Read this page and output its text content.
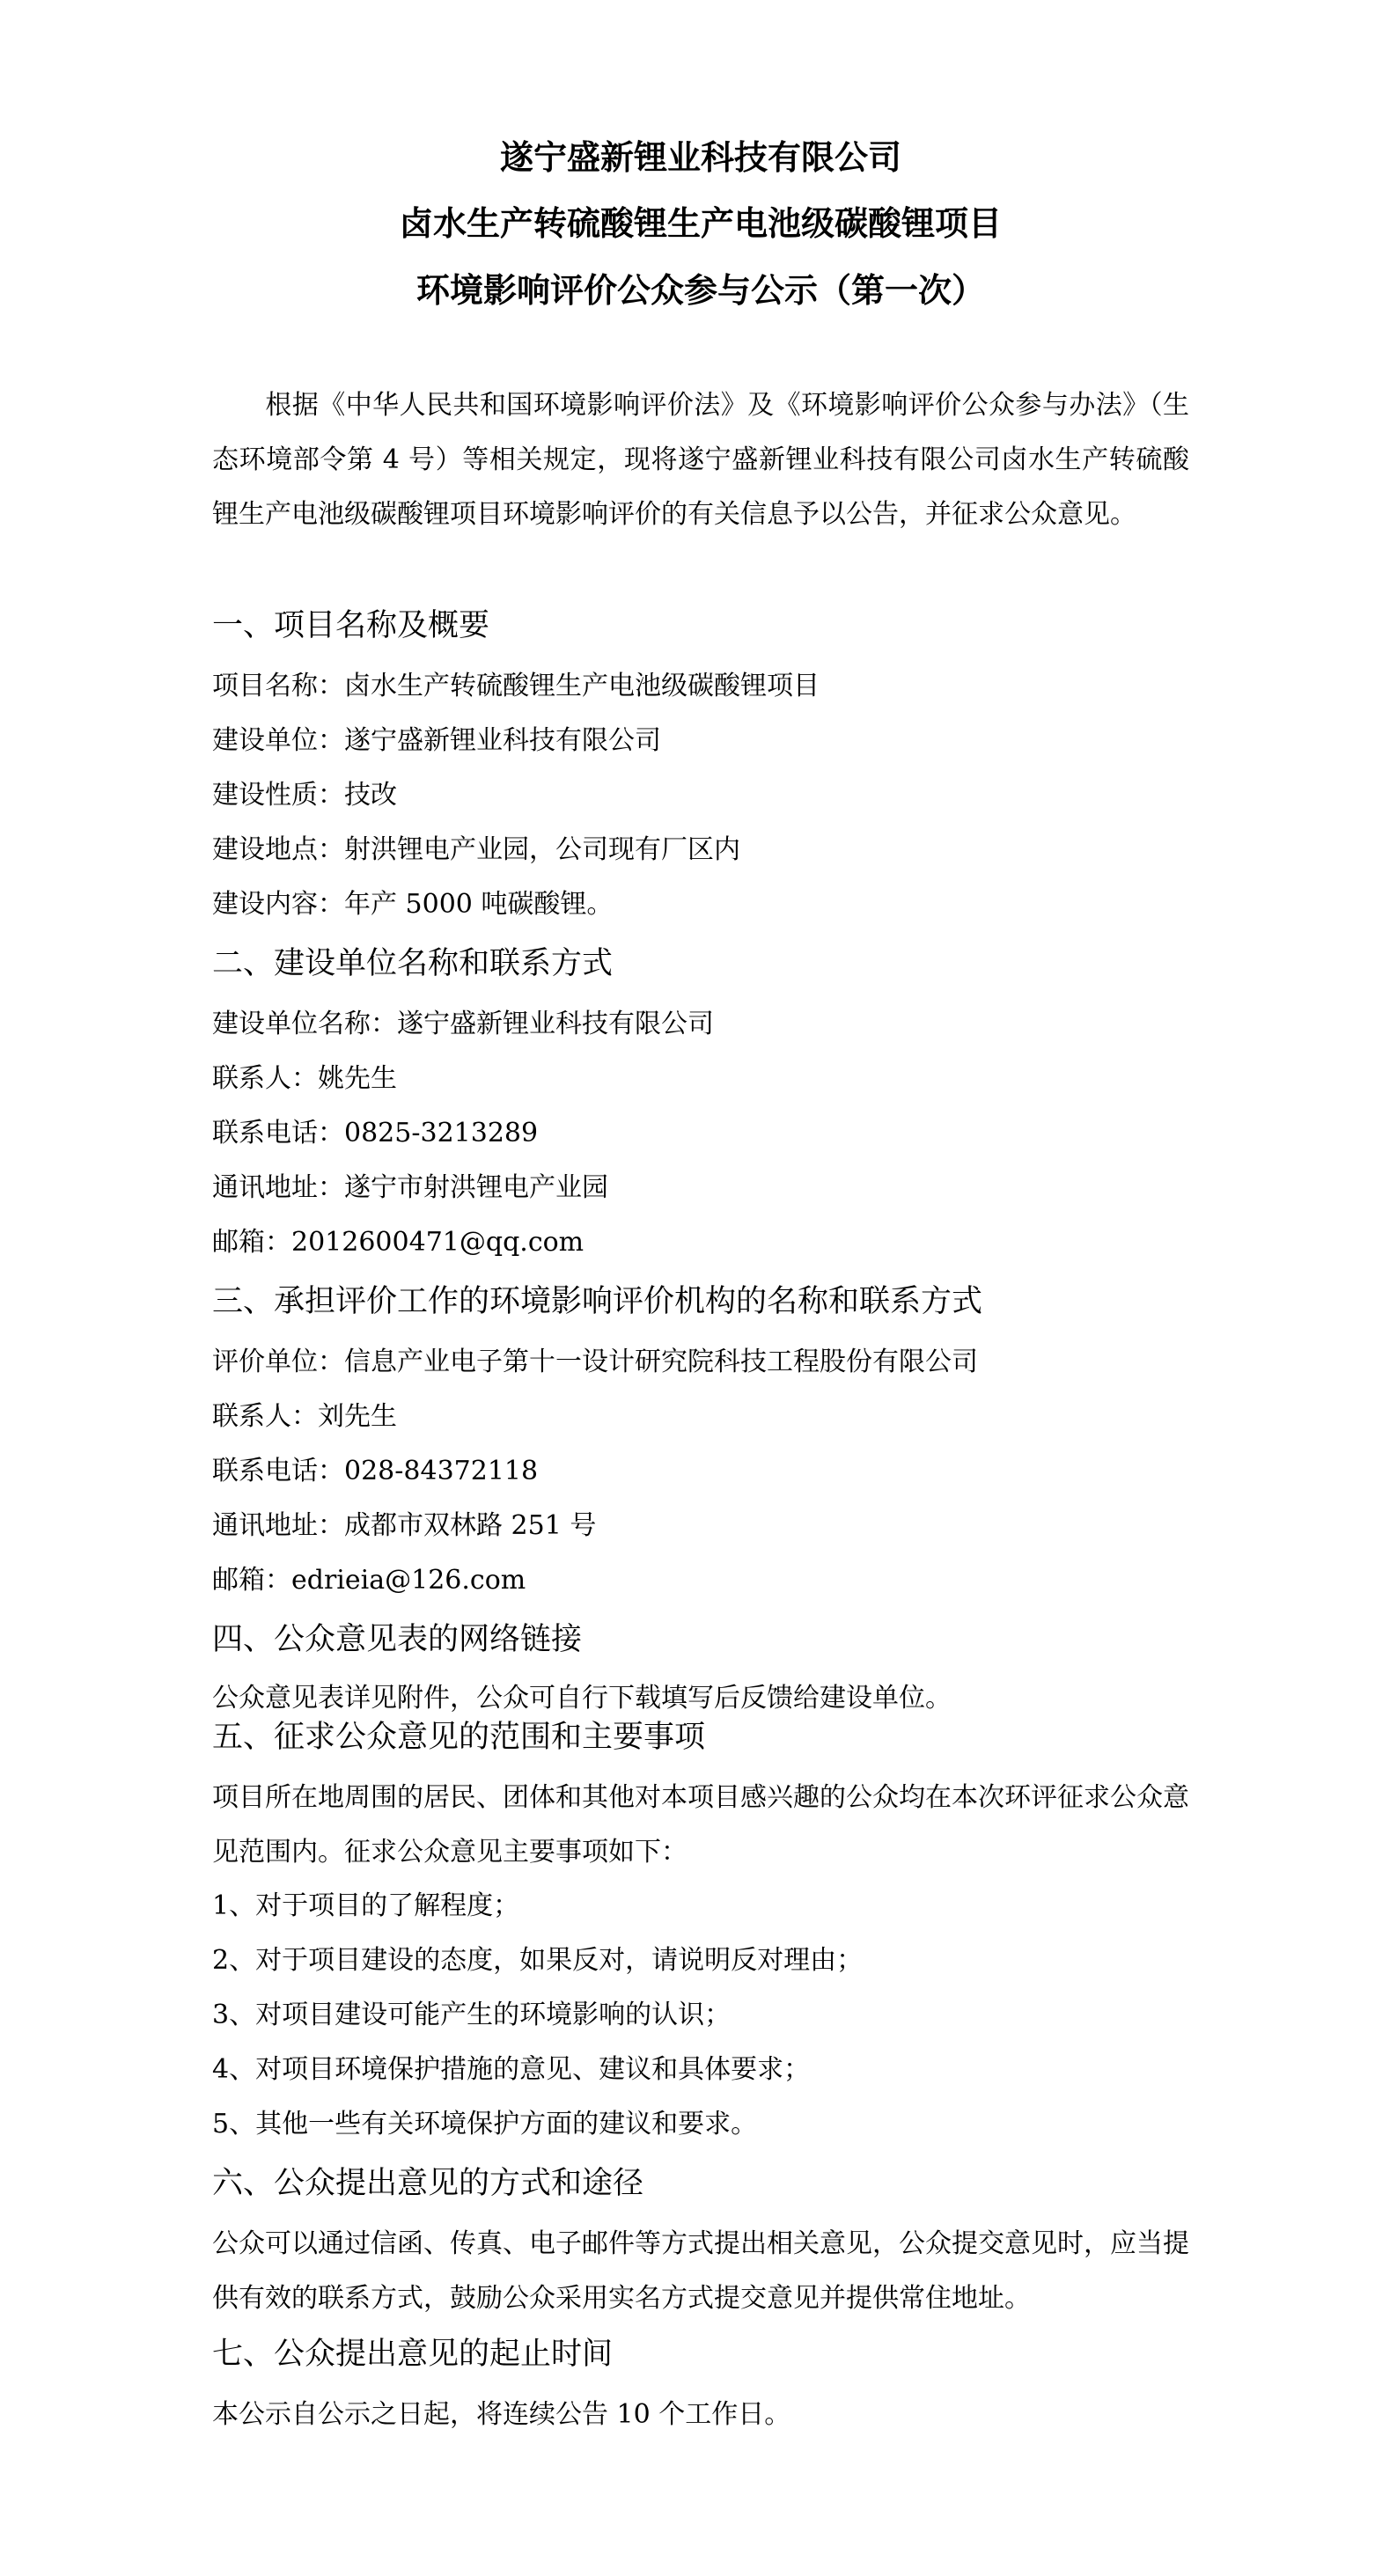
遂宁盛新锂业科技有限公司
卤水生产转硫酸锂生产电池级碳酸锂项目
环境影响评价公众参与公示（第一次）
根据《中华人民共和国环境影响评价法》及《环境影响评价公众参与办法》（生态环境部令第 4 号）等相关规定，现将遂宁盛新锂业科技有限公司卤水生产转硫酸锂生产电池级碳酸锂项目环境影响评价的有关信息予以公告，并征求公众意见。
一、项目名称及概要
项目名称：卤水生产转硫酸锂生产电池级碳酸锂项目
建设单位：遂宁盛新锂业科技有限公司
建设性质：技改
建设地点：射洪锂电产业园，公司现有厂区内
建设内容：年产 5000 吨碳酸锂。
二、建设单位名称和联系方式
建设单位名称：遂宁盛新锂业科技有限公司
联系人：姚先生
联系电话：0825-3213289
通讯地址：遂宁市射洪锂电产业园
邮箱：2012600471@qq.com
三、承担评价工作的环境影响评价机构的名称和联系方式
评价单位：信息产业电子第十一设计研究院科技工程股份有限公司
联系人：刘先生
联系电话：028-84372118
通讯地址：成都市双林路 251 号
邮箱：edrieia@126.com
四、公众意见表的网络链接
公众意见表详见附件，公众可自行下载填写后反馈给建设单位。
五、征求公众意见的范围和主要事项
项目所在地周围的居民、团体和其他对本项目感兴趣的公众均在本次环评征求公众意见范围内。征求公众意见主要事项如下：
1、对于项目的了解程度；
2、对于项目建设的态度，如果反对，请说明反对理由；
3、对项目建设可能产生的环境影响的认识；
4、对项目环境保护措施的意见、建议和具体要求；
5、其他一些有关环境保护方面的建议和要求。
六、公众提出意见的方式和途径
公众可以通过信函、传真、电子邮件等方式提出相关意见，公众提交意见时，应当提供有效的联系方式，鼓励公众采用实名方式提交意见并提供常住地址。
七、公众提出意见的起止时间
本公示自公示之日起，将连续公告 10 个工作日。
